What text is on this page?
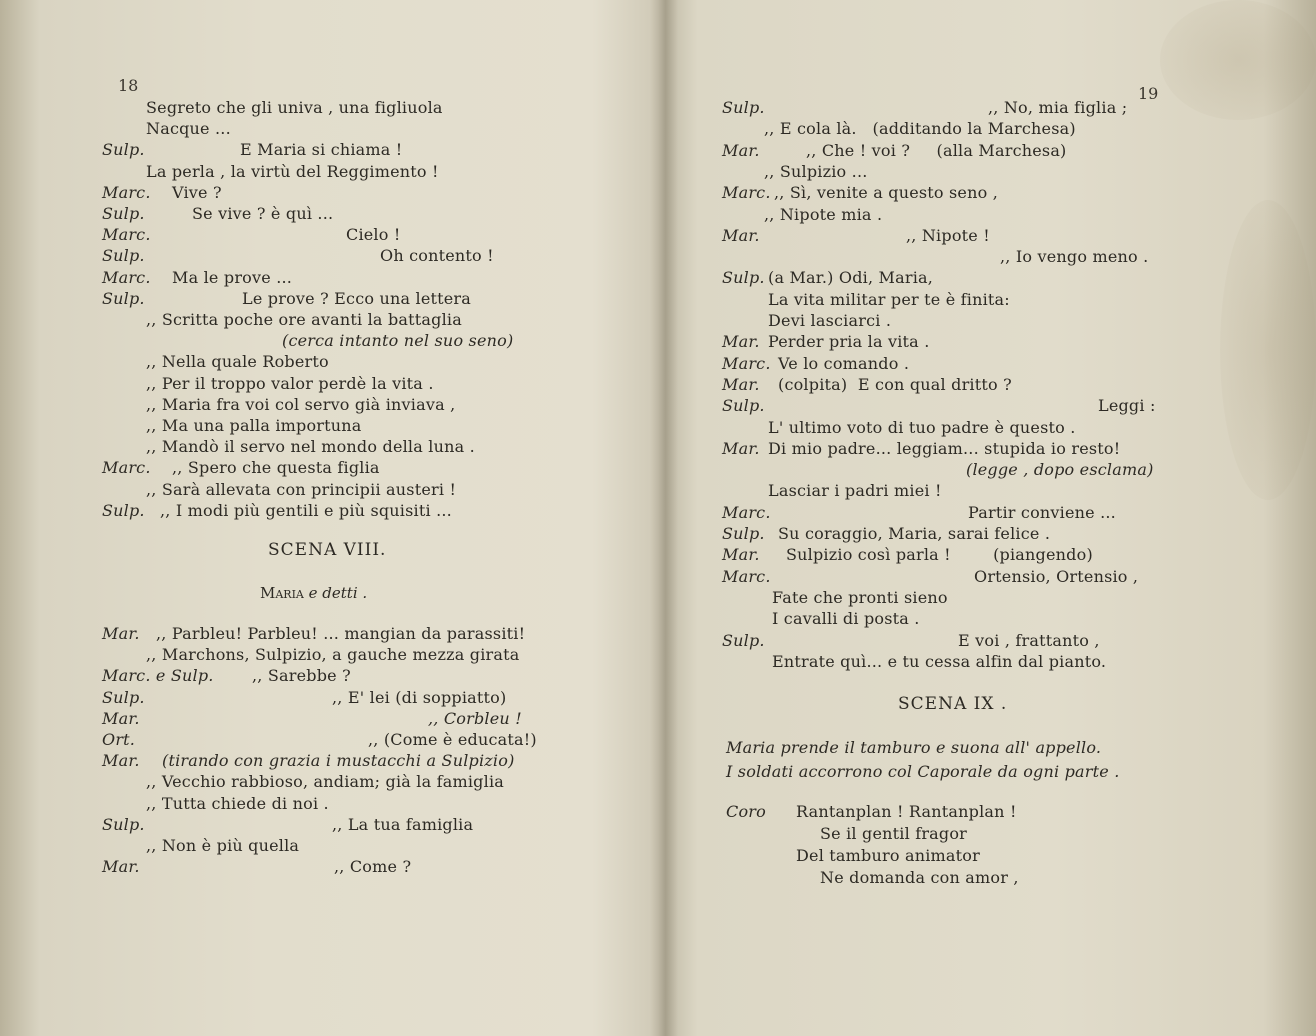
18
Segreto che gli univa , una figliuola
Nacque ...
Sulp.	E Maria si chiama !
La perla , la virtù del Reggimento !
Marc. Vive ?
Sulp.	Se vive ? è quì ...
Marc.	Cielo !
Sulp.	Oh contento !
Marc. Ma le prove ...
Sulp.	Le prove ? Ecco una lettera
,, Scritta poche ore avanti la battaglia
(cerca intanto nel suo seno)
,, Nella quale Roberto
,, Per il troppo valor perdè la vita .
,, Maria fra voi col servo già inviava ,
,, Ma una palla importuna
,, Mandò il servo nel mondo della luna .
Marc. ,, Spero che questa figlia
,, Sarà allevata con principii austeri !
Sulp. ,, I modi più gentili e più squisiti ...
SCENA VIII.
Maria e detti .
Mar. ,, Parbleu! Parbleu! ... mangian da parassiti!
,, Marchons, Sulpizio, a gauche mezza girata
Marc. e Sulp. ,, Sarebbe ?
Sulp.	,, E' lei (di soppiatto)
Mar.	,, Corbleu !
Ort.	,, (Come è educata!)
Mar. (tirando con grazia i mustacchi a Sulpizio)
,, Vecchio rabbioso, andiam; già la famiglia
,, Tutta chiede di noi .
Sulp.	,, La tua famiglia
,, Non è più quella
Mar.	,, Come ?
19
Sulp.	,, No, mia figlia ;
,, E cola là.   (additando la Marchesa)
Mar.	,, Che ! voi ?     (alla Marchesa)
,, Sulpizio ...
Marc. ,, Sì, venite a questo seno ,
,, Nipote mia .
Mar.	,, Nipote !
,, Io vengo meno .
Sulp. (a Mar.) Odi, Maria,
La vita militar per te è finita:
Devi lasciarci .
Mar. Perder pria la vita .
Marc. Ve lo comando .
Mar. (colpita)  E con qual dritto ?
Sulp.	Leggi :
L' ultimo voto di tuo padre è questo .
Mar. Di mio padre... leggiam... stupida io resto!
(legge , dopo esclama)
Lasciar i padri miei !
Marc.	Partir conviene ...
Sulp. Su coraggio, Maria, sarai felice .
Mar. Sulpizio così parla !        (piangendo)
Marc.	Ortensio, Ortensio ,
Fate che pronti sieno
I cavalli di posta .
Sulp.	E voi , frattanto ,
Entrate quì... e tu cessa alfin dal pianto.
SCENA IX .
Maria prende il tamburo e suona all' appello.
I soldati accorrono col Caporale da ogni parte .
Coro Rantanplan ! Rantanplan !
Se il gentil fragor
Del tamburo animator
Ne domanda con amor ,
